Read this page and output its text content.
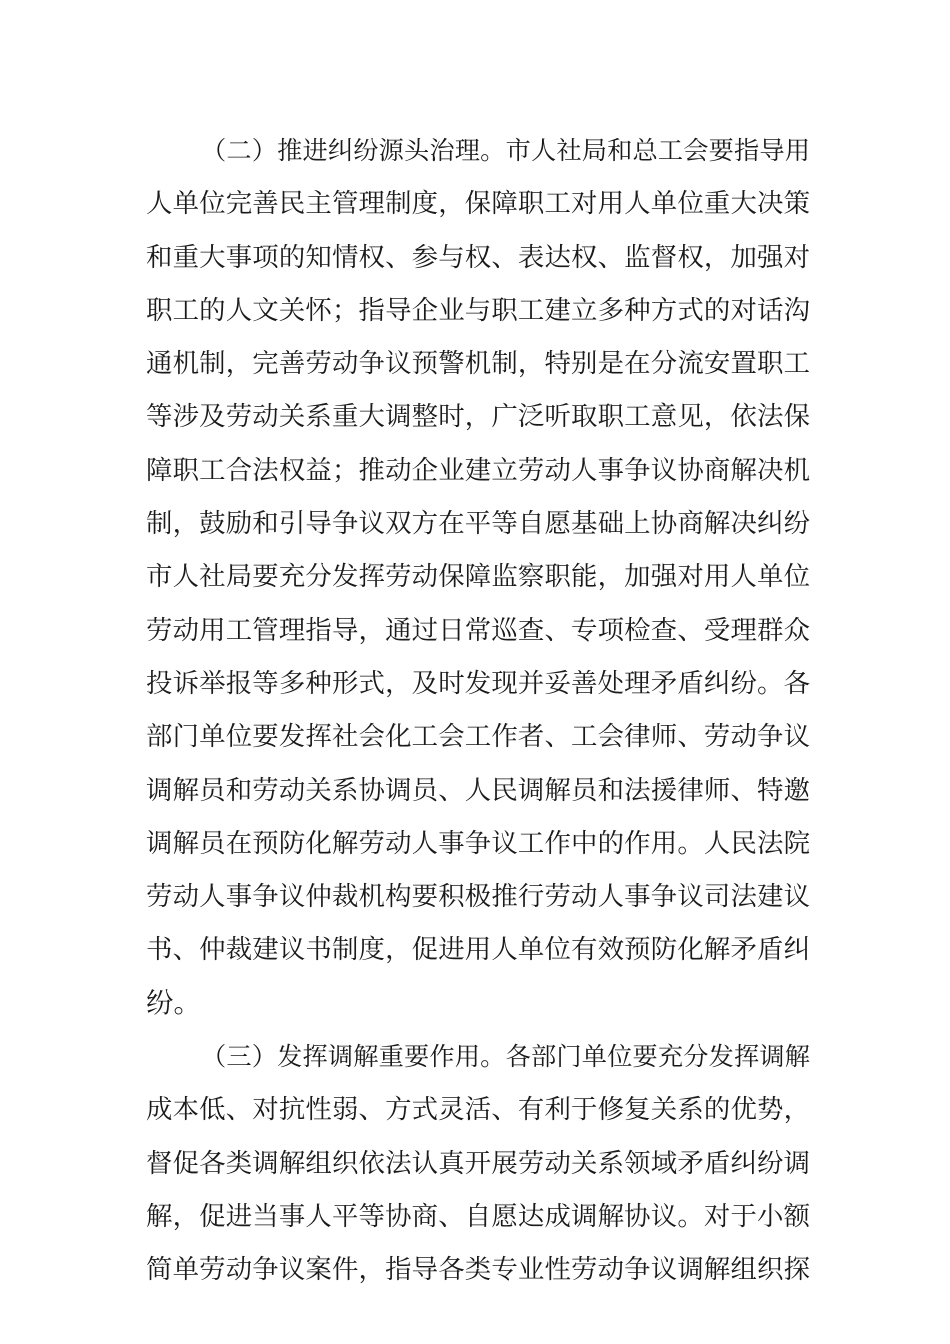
（二）推进纠纷源头治理。市人社局和总工会要指导用
人单位完善民主管理制度，保障职工对用人单位重大决策
和重大事项的知情权、参与权、表达权、监督权，加强对
职工的人文关怀；指导企业与职工建立多种方式的对话沟
通机制，完善劳动争议预警机制，特别是在分流安置职工
等涉及劳动关系重大调整时，广泛听取职工意见，依法保
障职工合法权益；推动企业建立劳动人事争议协商解决机
制，鼓励和引导争议双方在平等自愿基础上协商解决纠纷
市人社局要充分发挥劳动保障监察职能，加强对用人单位
劳动用工管理指导，通过日常巡查、专项检查、受理群众
投诉举报等多种形式，及时发现并妥善处理矛盾纠纷。各
部门单位要发挥社会化工会工作者、工会律师、劳动争议
调解员和劳动关系协调员、人民调解员和法援律师、特邀
调解员在预防化解劳动人事争议工作中的作用。人民法院
劳动人事争议仲裁机构要积极推行劳动人事争议司法建议
书、仲裁建议书制度，促进用人单位有效预防化解矛盾纠
纷。
（三）发挥调解重要作用。各部门单位要充分发挥调解
成本低、对抗性弱、方式灵活、有利于修复关系的优势，
督促各类调解组织依法认真开展劳动关系领域矛盾纠纷调
解，促进当事人平等协商、自愿达成调解协议。对于小额
简单劳动争议案件，指导各类专业性劳动争议调解组织探
